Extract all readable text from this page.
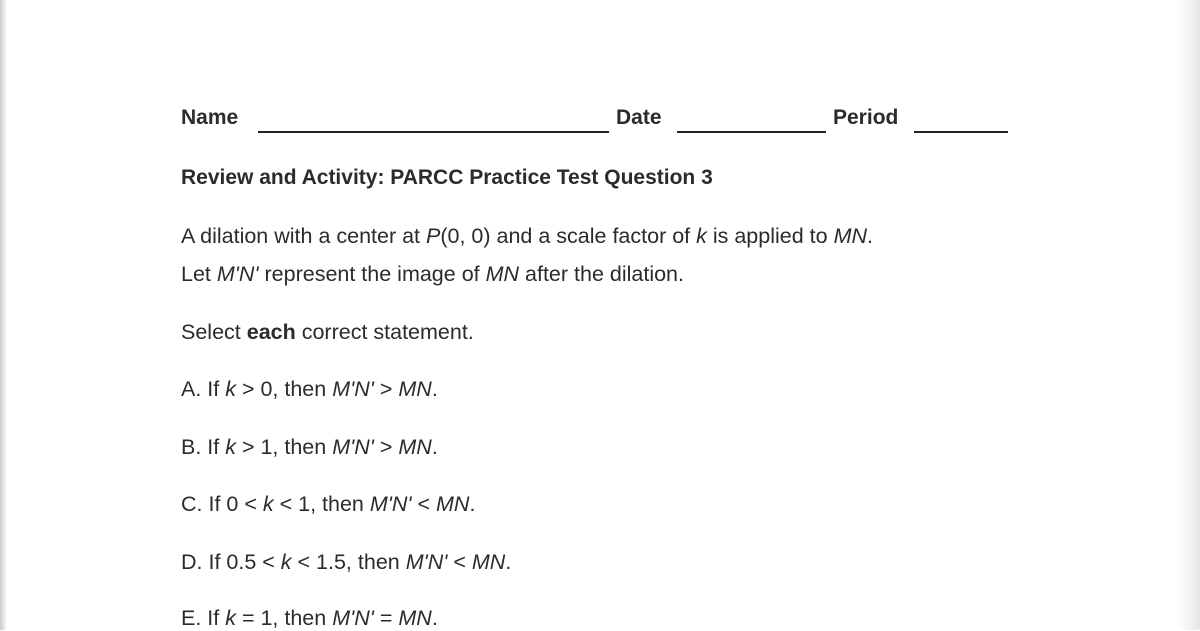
Name	Date	Period
Review and Activity: PARCC Practice Test Question 3
A dilation with a center at P(0, 0) and a scale factor of k is applied to MN.
Let M'N' represent the image of MN after the dilation.
Select each correct statement.
A. If k > 0, then M'N' > MN.
B. If k > 1, then M'N' > MN.
C. If 0 < k < 1, then M'N' < MN.
D. If 0.5 < k < 1.5, then M'N' < MN.
E. If k = 1, then M'N' = MN.
